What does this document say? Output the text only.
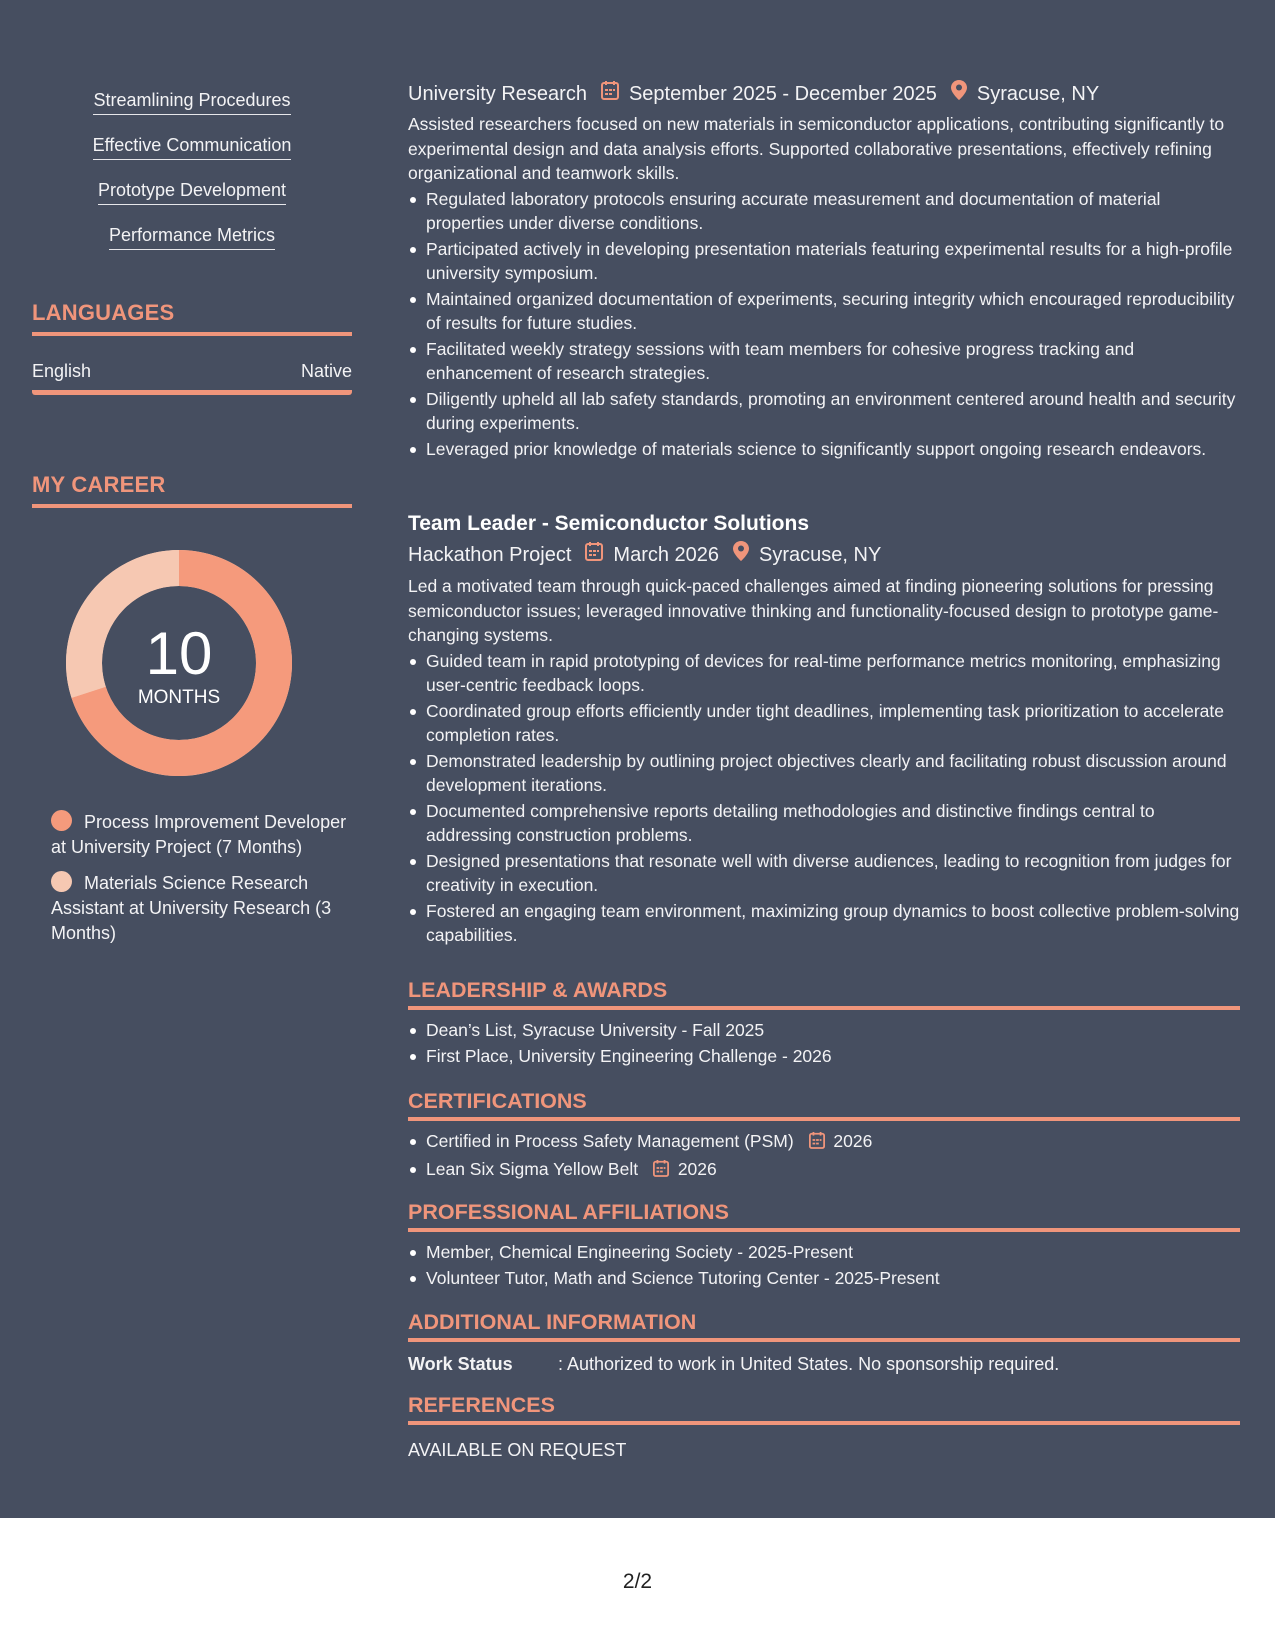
Streamlining Procedures
Effective Communication
Prototype Development
Performance Metrics
LANGUAGES
English	Native
MY CAREER
10
MONTHS
Process Improvement Developer at University Project (7 Months)
Materials Science Research Assistant at University Research (3 Months)
University Research September 2025 - December 2025 Syracuse, NY
Assisted researchers focused on new materials in semiconductor applications, contributing significantly to experimental design and data analysis efforts. Supported collaborative presentations, effectively refining organizational and teamwork skills.
Regulated laboratory protocols ensuring accurate measurement and documentation of material properties under diverse conditions.
Participated actively in developing presentation materials featuring experimental results for a high-profile university symposium.
Maintained organized documentation of experiments, securing integrity which encouraged reproducibility of results for future studies.
Facilitated weekly strategy sessions with team members for cohesive progress tracking and enhancement of research strategies.
Diligently upheld all lab safety standards, promoting an environment centered around health and security during experiments.
Leveraged prior knowledge of materials science to significantly support ongoing research endeavors.
Team Leader - Semiconductor Solutions
Hackathon Project March 2026 Syracuse, NY
Led a motivated team through quick-paced challenges aimed at finding pioneering solutions for pressing semiconductor issues; leveraged innovative thinking and functionality-focused design to prototype game-changing systems.
Guided team in rapid prototyping of devices for real-time performance metrics monitoring, emphasizing user-centric feedback loops.
Coordinated group efforts efficiently under tight deadlines, implementing task prioritization to accelerate completion rates.
Demonstrated leadership by outlining project objectives clearly and facilitating robust discussion around development iterations.
Documented comprehensive reports detailing methodologies and distinctive findings central to addressing construction problems.
Designed presentations that resonate well with diverse audiences, leading to recognition from judges for creativity in execution.
Fostered an engaging team environment, maximizing group dynamics to boost collective problem-solving capabilities.
LEADERSHIP & AWARDS
Dean’s List, Syracuse University - Fall 2025
First Place, University Engineering Challenge - 2026
CERTIFICATIONS
Certified in Process Safety Management (PSM) 2026
Lean Six Sigma Yellow Belt 2026
PROFESSIONAL AFFILIATIONS
Member, Chemical Engineering Society - 2025-Present
Volunteer Tutor, Math and Science Tutoring Center - 2025-Present
ADDITIONAL INFORMATION
Work Status	: Authorized to work in United States. No sponsorship required.
REFERENCES
AVAILABLE ON REQUEST
2/2
